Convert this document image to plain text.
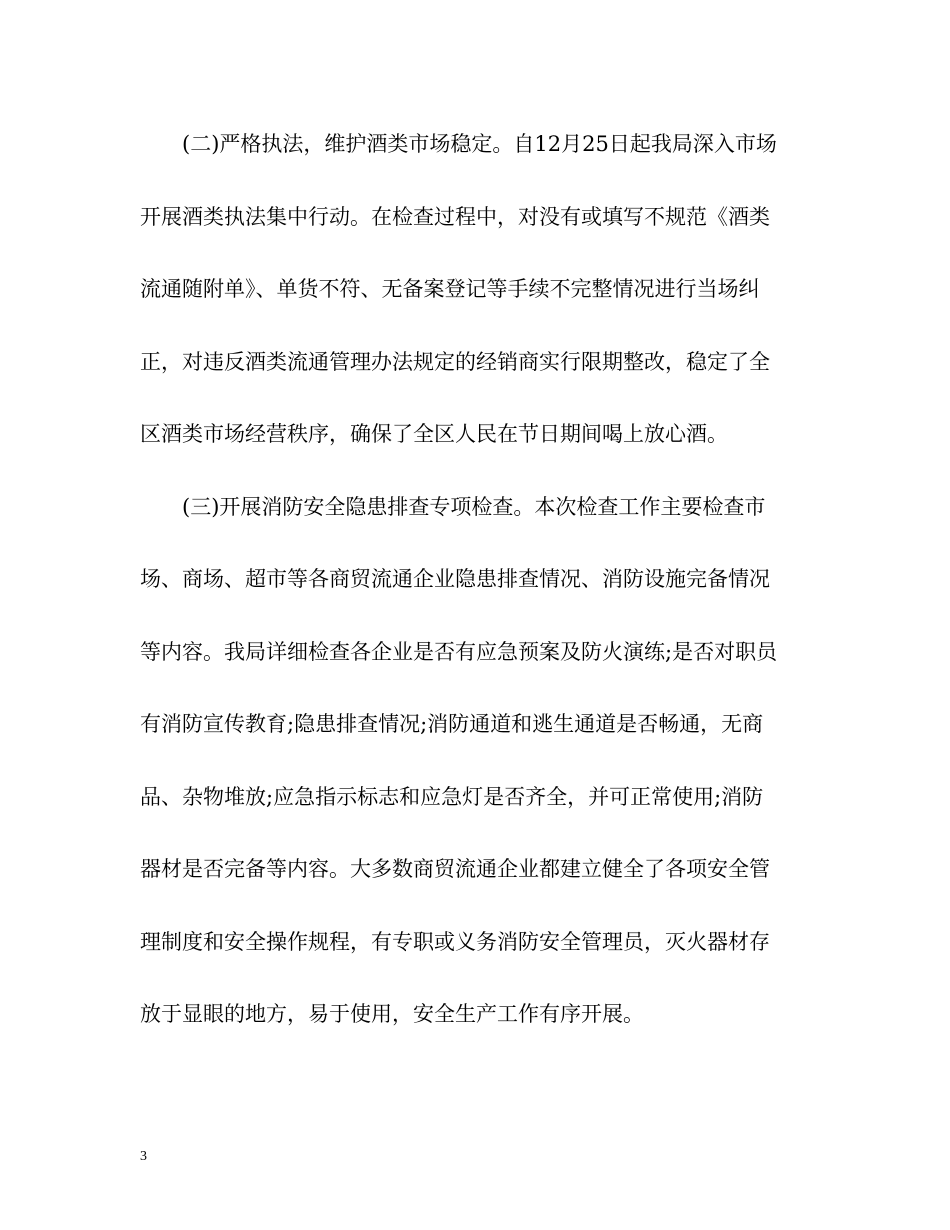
　　(二)严格执法，维护酒类市场稳定。自12月25日起我局深入市场
开展酒类执法集中行动。在检查过程中，对没有或填写不规范《酒类
流通随附单》、单货不符、无备案登记等手续不完整情况进行当场纠
正，对违反酒类流通管理办法规定的经销商实行限期整改，稳定了全
区酒类市场经营秩序，确保了全区人民在节日期间喝上放心酒。
　　(三)开展消防安全隐患排查专项检查。本次检查工作主要检查市
场、商场、超市等各商贸流通企业隐患排查情况、消防设施完备情况
等内容。我局详细检查各企业是否有应急预案及防火演练;是否对职员
有消防宣传教育;隐患排查情况;消防通道和逃生通道是否畅通，无商
品、杂物堆放;应急指示标志和应急灯是否齐全，并可正常使用;消防
器材是否完备等内容。大多数商贸流通企业都建立健全了各项安全管
理制度和安全操作规程，有专职或义务消防安全管理员，灭火器材存
放于显眼的地方，易于使用，安全生产工作有序开展。
3
